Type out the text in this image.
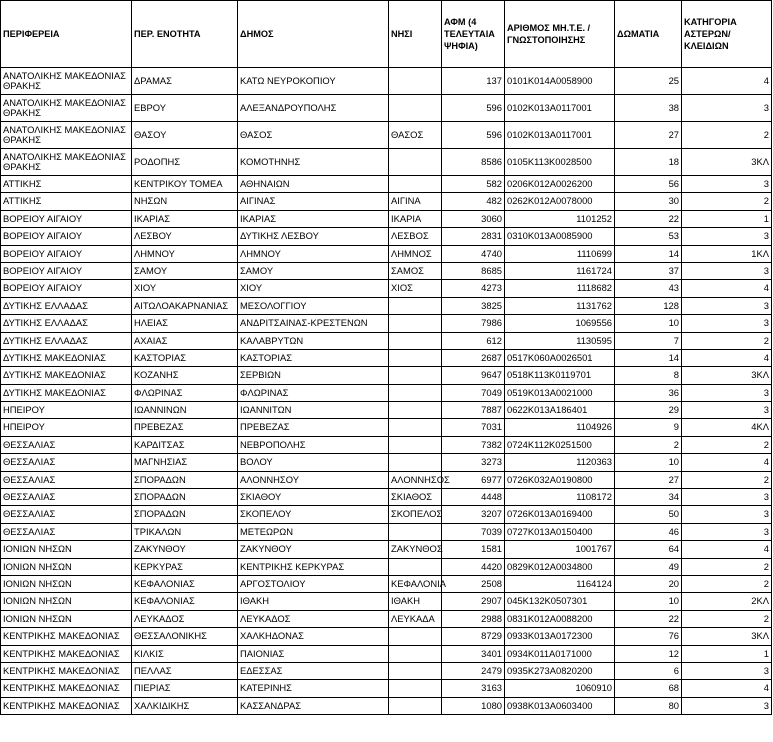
ΠΕΡΙΦΕΡΕΙΑ	ΠΕΡ. ΕΝΟΤΗΤΑ	ΔΗΜΟΣ	ΝΗΣΙ	ΑΦΜ (4 ΤΕΛΕΥΤΑΙΑ ΨΗΦΙΑ)	ΑΡΙΘΜΟΣ ΜΗ.Τ.Ε. / ΓΝΩΣΤΟΠΟΙΗΣΗΣ	ΔΩΜΑΤΙΑ	ΚΑΤΗΓΟΡΙΑ ΑΣΤΕΡΩΝ/ ΚΛΕΙΔΙΩΝ
ΑΝΑΤΟΛΙΚΗΣ ΜΑΚΕΔΟΝΙΑΣ ΘΡΑΚΗΣ	ΔΡΑΜΑΣ	ΚΑΤΩ ΝΕΥΡΟΚΟΠΙΟΥ		137	0101K014A0058900	25	4
ΑΝΑΤΟΛΙΚΗΣ ΜΑΚΕΔΟΝΙΑΣ ΘΡΑΚΗΣ	ΕΒΡΟΥ	ΑΛΕΞΑΝΔΡΟΥΠΟΛΗΣ		596	0102K013A0117001	38	3
ΑΝΑΤΟΛΙΚΗΣ ΜΑΚΕΔΟΝΙΑΣ ΘΡΑΚΗΣ	ΘΑΣΟΥ	ΘΑΣΟΣ	ΘΑΣΟΣ	596	0102K013A0117001	27	2
ΑΝΑΤΟΛΙΚΗΣ ΜΑΚΕΔΟΝΙΑΣ ΘΡΑΚΗΣ	ΡΟΔΟΠΗΣ	ΚΟΜΟΤΗΝΗΣ		8586	0105K113K0028500	18	3ΚΛ
ΑΤΤΙΚΗΣ	ΚΕΝΤΡΙΚΟΥ ΤΟΜΕΑ	ΑΘΗΝΑΙΩΝ		582	0206K012A0026200	56	3
ΑΤΤΙΚΗΣ	ΝΗΣΩΝ	ΑΙΓΙΝΑΣ	ΑΙΓΙΝΑ	482	0262K012A0078000	30	2
ΒΟΡΕΙΟΥ ΑΙΓΑΙΟΥ	ΙΚΑΡΙΑΣ	ΙΚΑΡΙΑΣ	ΙΚΑΡΙΑ	3060	1101252	22	1
ΒΟΡΕΙΟΥ ΑΙΓΑΙΟΥ	ΛΕΣΒΟΥ	ΔΥΤΙΚΗΣ ΛΕΣΒΟΥ	ΛΕΣΒΟΣ	2831	0310K013A0085900	53	3
ΒΟΡΕΙΟΥ ΑΙΓΑΙΟΥ	ΛΗΜΝΟΥ	ΛΗΜΝΟΥ	ΛΗΜΝΟΣ	4740	1110699	14	1ΚΛ
ΒΟΡΕΙΟΥ ΑΙΓΑΙΟΥ	ΣΑΜΟΥ	ΣΑΜΟΥ	ΣΑΜΟΣ	8685	1161724	37	3
ΒΟΡΕΙΟΥ ΑΙΓΑΙΟΥ	ΧΙΟΥ	ΧΙΟΥ	ΧΙΟΣ	4273	1118682	43	4
ΔΥΤΙΚΗΣ ΕΛΛΑΔΑΣ	ΑΙΤΩΛΟΑΚΑΡΝΑΝΙΑΣ	ΜΕΣΟΛΟΓΓΙΟΥ		3825	1131762	128	3
ΔΥΤΙΚΗΣ ΕΛΛΑΔΑΣ	ΗΛΕΙΑΣ	ΑΝΔΡΙΤΣΑΙΝΑΣ-ΚΡΕΣΤΕΝΩΝ		7986	1069556	10	3
ΔΥΤΙΚΗΣ ΕΛΛΑΔΑΣ	ΑΧΑΙΑΣ	ΚΑΛΑΒΡΥΤΩΝ		612	1130595	7	2
ΔΥΤΙΚΗΣ ΜΑΚΕΔΟΝΙΑΣ	ΚΑΣΤΟΡΙΑΣ	ΚΑΣΤΟΡΙΑΣ		2687	0517K060A0026501	14	4
ΔΥΤΙΚΗΣ ΜΑΚΕΔΟΝΙΑΣ	ΚΟΖΑΝΗΣ	ΣΕΡΒΙΩΝ		9647	0518K113K0119701	8	3ΚΛ
ΔΥΤΙΚΗΣ ΜΑΚΕΔΟΝΙΑΣ	ΦΛΩΡΙΝΑΣ	ΦΛΩΡΙΝΑΣ		7049	0519K013A0021000	36	3
ΗΠΕΙΡΟΥ	ΙΩΑΝΝΙΝΩΝ	ΙΩΑΝΝΙΤΩΝ		7887	0622K013A186401	29	3
ΗΠΕΙΡΟΥ	ΠΡΕΒΕΖΑΣ	ΠΡΕΒΕΖΑΣ		7031	1104926	9	4ΚΛ
ΘΕΣΣΑΛΙΑΣ	ΚΑΡΔΙΤΣΑΣ	ΝΕΒΡΟΠΟΛΗΣ		7382	0724K112K0251500	2	2
ΘΕΣΣΑΛΙΑΣ	ΜΑΓΝΗΣΙΑΣ	ΒΟΛΟΥ		3273	1120363	10	4
ΘΕΣΣΑΛΙΑΣ	ΣΠΟΡΑΔΩΝ	ΑΛΟΝΝΗΣΟΥ	ΑΛΟΝΝΗΣΟΣ	6977	0726K032A0190800	27	2
ΘΕΣΣΑΛΙΑΣ	ΣΠΟΡΑΔΩΝ	ΣΚΙΑΘΟΥ	ΣΚΙΑΘΟΣ	4448	1108172	34	3
ΘΕΣΣΑΛΙΑΣ	ΣΠΟΡΑΔΩΝ	ΣΚΟΠΕΛΟΥ	ΣΚΟΠΕΛΟΣ	3207	0726K013A0169400	50	3
ΘΕΣΣΑΛΙΑΣ	ΤΡΙΚΑΛΩΝ	ΜΕΤΕΩΡΩΝ		7039	0727K013A0150400	46	3
ΙΟΝΙΩΝ ΝΗΣΩΝ	ΖΑΚΥΝΘΟΥ	ΖΑΚΥΝΘΟΥ	ΖΑΚΥΝΘΟΣ	1581	1001767	64	4
ΙΟΝΙΩΝ ΝΗΣΩΝ	ΚΕΡΚΥΡΑΣ	ΚΕΝΤΡΙΚΗΣ ΚΕΡΚΥΡΑΣ		4420	0829K012A0034800	49	2
ΙΟΝΙΩΝ ΝΗΣΩΝ	ΚΕΦΑΛΟΝΙΑΣ	ΑΡΓΟΣΤΟΛΙΟΥ	ΚΕΦΑΛΟΝΙΑ	2508	1164124	20	2
ΙΟΝΙΩΝ ΝΗΣΩΝ	ΚΕΦΑΛΟΝΙΑΣ	ΙΘΑΚΗ	ΙΘΑΚΗ	2907	045K132K0507301	10	2ΚΛ
ΙΟΝΙΩΝ ΝΗΣΩΝ	ΛΕΥΚΑΔΟΣ	ΛΕΥΚΑΔΟΣ	ΛΕΥΚΑΔΑ	2988	0831K012A0088200	22	2
ΚΕΝΤΡΙΚΗΣ ΜΑΚΕΔΟΝΙΑΣ	ΘΕΣΣΑΛΟΝΙΚΗΣ	ΧΑΛΚΗΔΟΝΑΣ		8729	0933K013A0172300	76	3ΚΛ
ΚΕΝΤΡΙΚΗΣ ΜΑΚΕΔΟΝΙΑΣ	ΚΙΛΚΙΣ	ΠΑΙΟΝΙΑΣ		3401	0934K011A0171000	12	1
ΚΕΝΤΡΙΚΗΣ ΜΑΚΕΔΟΝΙΑΣ	ΠΕΛΛΑΣ	ΕΔΕΣΣΑΣ		2479	0935K273A0820200	6	3
ΚΕΝΤΡΙΚΗΣ ΜΑΚΕΔΟΝΙΑΣ	ΠΙΕΡΙΑΣ	ΚΑΤΕΡΙΝΗΣ		3163	1060910	68	4
ΚΕΝΤΡΙΚΗΣ ΜΑΚΕΔΟΝΙΑΣ	ΧΑΛΚΙΔΙΚΗΣ	ΚΑΣΣΑΝΔΡΑΣ		1080	0938K013A0603400	80	3
